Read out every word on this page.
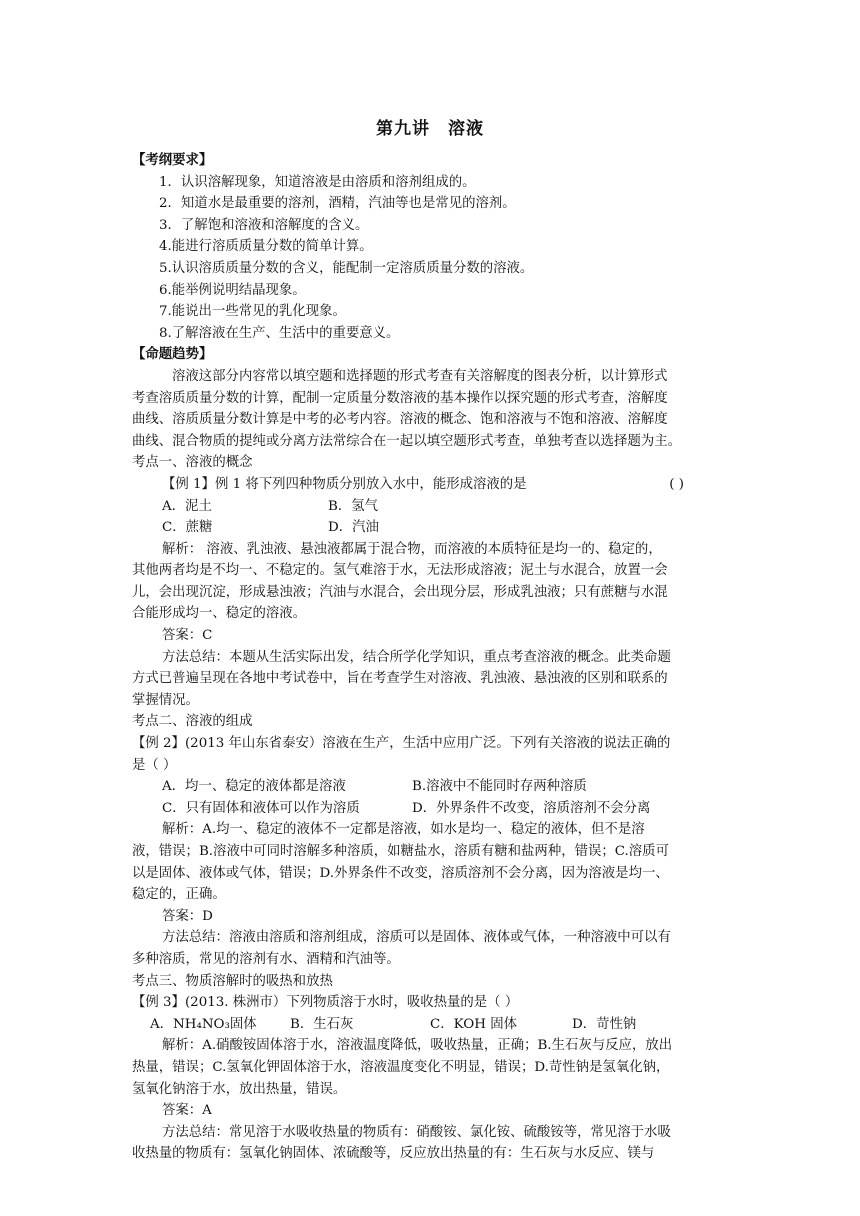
第九讲　溶液

【考纲要求】

1．认识溶解现象，知道溶液是由溶质和溶剂组成的。

2．知道水是最重要的溶剂，酒精，汽油等也是常见的溶剂。

3．了解饱和溶液和溶解度的含义。

4.能进行溶质质量分数的简单计算。

5.认识溶质质量分数的含义，能配制一定溶质质量分数的溶液。

6.能举例说明结晶现象。

7.能说出一些常见的乳化现象。

8.了解溶液在生产、生活中的重要意义。

【命题趋势】

溶液这部分内容常以填空题和选择题的形式考查有关溶解度的图表分析，以计算形式

考查溶质质量分数的计算，配制一定质量分数溶液的基本操作以探究题的形式考查，溶解度

曲线、溶质质量分数计算是中考的必考内容。溶液的概念、饱和溶液与不饱和溶液、溶解度

曲线、混合物质的提纯或分离方法常综合在一起以填空题形式考查，单独考查以选择题为主。

考点一、溶液的概念

【例 1】例 1 将下列四种物质分别放入水中，能形成溶液的是	( )

A．泥土	B．氢气
C．蔗糖	D．汽油

解析： 溶液、乳浊液、悬浊液都属于混合物，而溶液的本质特征是均一的、稳定的，

其他两者均是不均一、不稳定的。氢气难溶于水，无法形成溶液；泥土与水混合，放置一会

儿，会出现沉淀，形成悬浊液；汽油与水混合，会出现分层，形成乳浊液；只有蔗糖与水混

合能形成均一、稳定的溶液。

答案：C

方法总结：本题从生活实际出发，结合所学化学知识，重点考查溶液的概念。此类命题

方式已普遍呈现在各地中考试卷中，旨在考查学生对溶液、乳浊液、悬浊液的区别和联系的

掌握情况。

考点二、溶液的组成

【例 2】(2013 年山东省泰安）溶液在生产，生活中应用广泛。下列有关溶液的说法正确的

是（ ）

A．均一、稳定的液体都是溶液	B.溶液中不能同时存两种溶质
C．只有固体和液体可以作为溶质	D．外界条件不改变，溶质溶剂不会分离

解析：A.均一、稳定的液体不一定都是溶液，如水是均一、稳定的液体，但不是溶

液，错误；B.溶液中可同时溶解多种溶质，如糖盐水，溶质有糖和盐两种，错误；C.溶质可

以是固体、液体或气体，错误；D.外界条件不改变，溶质溶剂不会分离，因为溶液是均一、

稳定的，正确。

答案：D

方法总结：溶液由溶质和溶剂组成，溶质可以是固体、液体或气体，一种溶液中可以有

多种溶质，常见的溶剂有水、酒精和汽油等。

考点三、物质溶解时的吸热和放热

【例 3】(2013. 株洲市）下列物质溶于水时，吸收热量的是（ ）

A．NH₄NO₃固体	B．生石灰	C．KOH 固体	D．苛性钠

解析：A.硝酸铵固体溶于水，溶液温度降低，吸收热量，正确；B.生石灰与反应，放出

热量，错误；C.氢氧化钾固体溶于水，溶液温度变化不明显，错误；D.苛性钠是氢氧化钠，

氢氧化钠溶于水，放出热量，错误。

答案：A

方法总结：常见溶于水吸收热量的物质有：硝酸铵、氯化铵、硫酸铵等，常见溶于水吸

收热量的物质有：氢氧化钠固体、浓硫酸等，反应放出热量的有：生石灰与水反应、镁与
